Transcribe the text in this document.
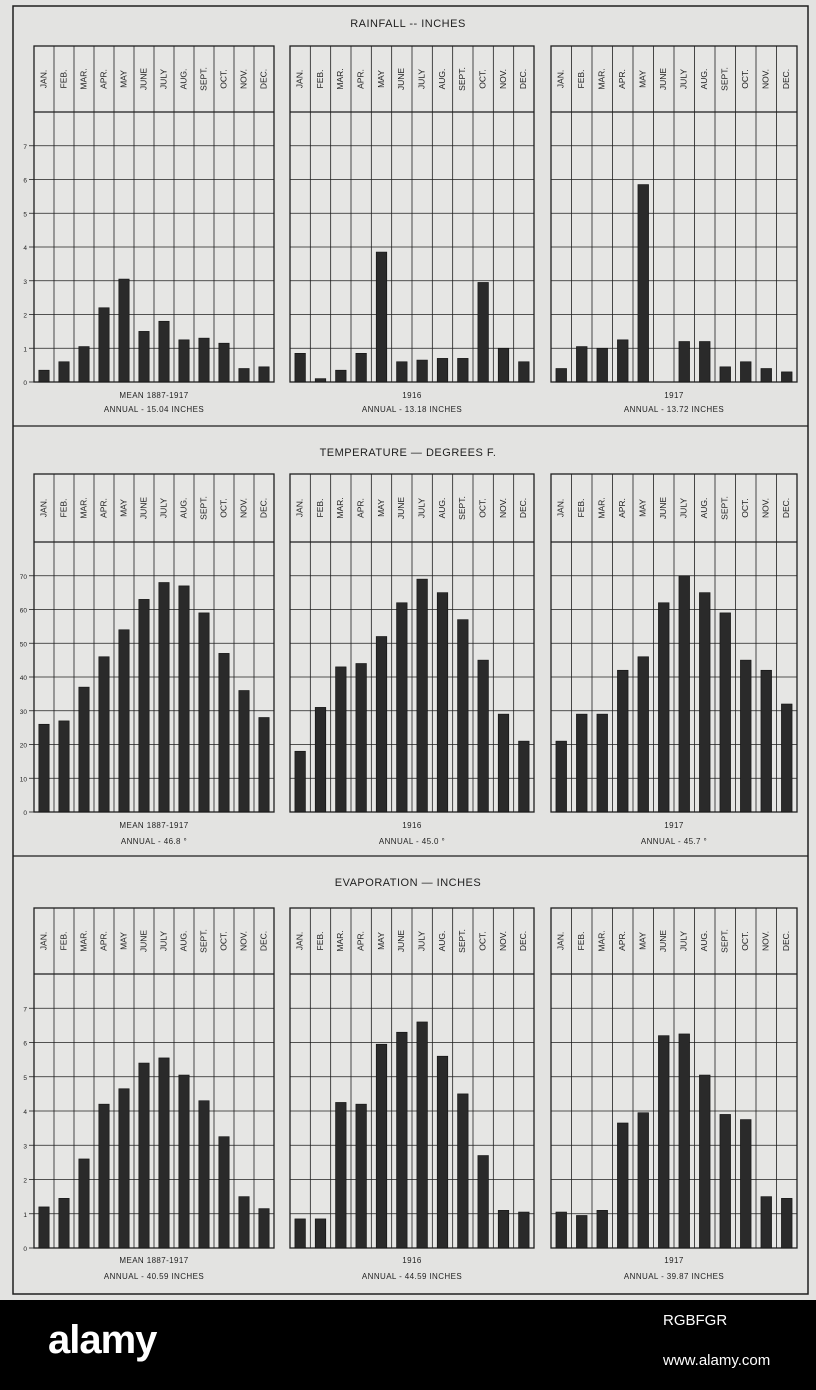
RAINFALL -- INCHES
0
1
2
3
4
5
6
7
JAN. FEB. MAR. APR. MAY JUNE JULY AUG. SEPT. OCT. NOV. DEC.
MEAN 1887-1917
ANNUAL - 15.04 INCHES
JAN. FEB. MAR. APR. MAY JUNE JULY AUG. SEPT. OCT. NOV. DEC.
1916
ANNUAL - 13.18 INCHES
JAN. FEB. MAR. APR. MAY JUNE JULY AUG. SEPT. OCT. NOV. DEC.
1917
ANNUAL - 13.72 INCHES
TEMPERATURE — DEGREES F.
0
10
20
30
40
50
60
70
JAN. FEB. MAR. APR. MAY JUNE JULY AUG. SEPT. OCT. NOV. DEC.
MEAN 1887-1917
ANNUAL - 46.8 °
JAN. FEB. MAR. APR. MAY JUNE JULY AUG. SEPT. OCT. NOV. DEC.
1916
ANNUAL - 45.0 °
JAN. FEB. MAR. APR. MAY JUNE JULY AUG. SEPT. OCT. NOV. DEC.
1917
ANNUAL - 45.7 °
EVAPORATION — INCHES
0
1
2
3
4
5
6
7
JAN. FEB. MAR. APR. MAY JUNE JULY AUG. SEPT. OCT. NOV. DEC.
MEAN 1887-1917
ANNUAL - 40.59 INCHES
JAN. FEB. MAR. APR. MAY JUNE JULY AUG. SEPT. OCT. NOV. DEC.
1916
ANNUAL - 44.59 INCHES
JAN. FEB. MAR. APR. MAY JUNE JULY AUG. SEPT. OCT. NOV. DEC.
1917
ANNUAL - 39.87 INCHES
alamy	RGBFGR
www.alamy.com
